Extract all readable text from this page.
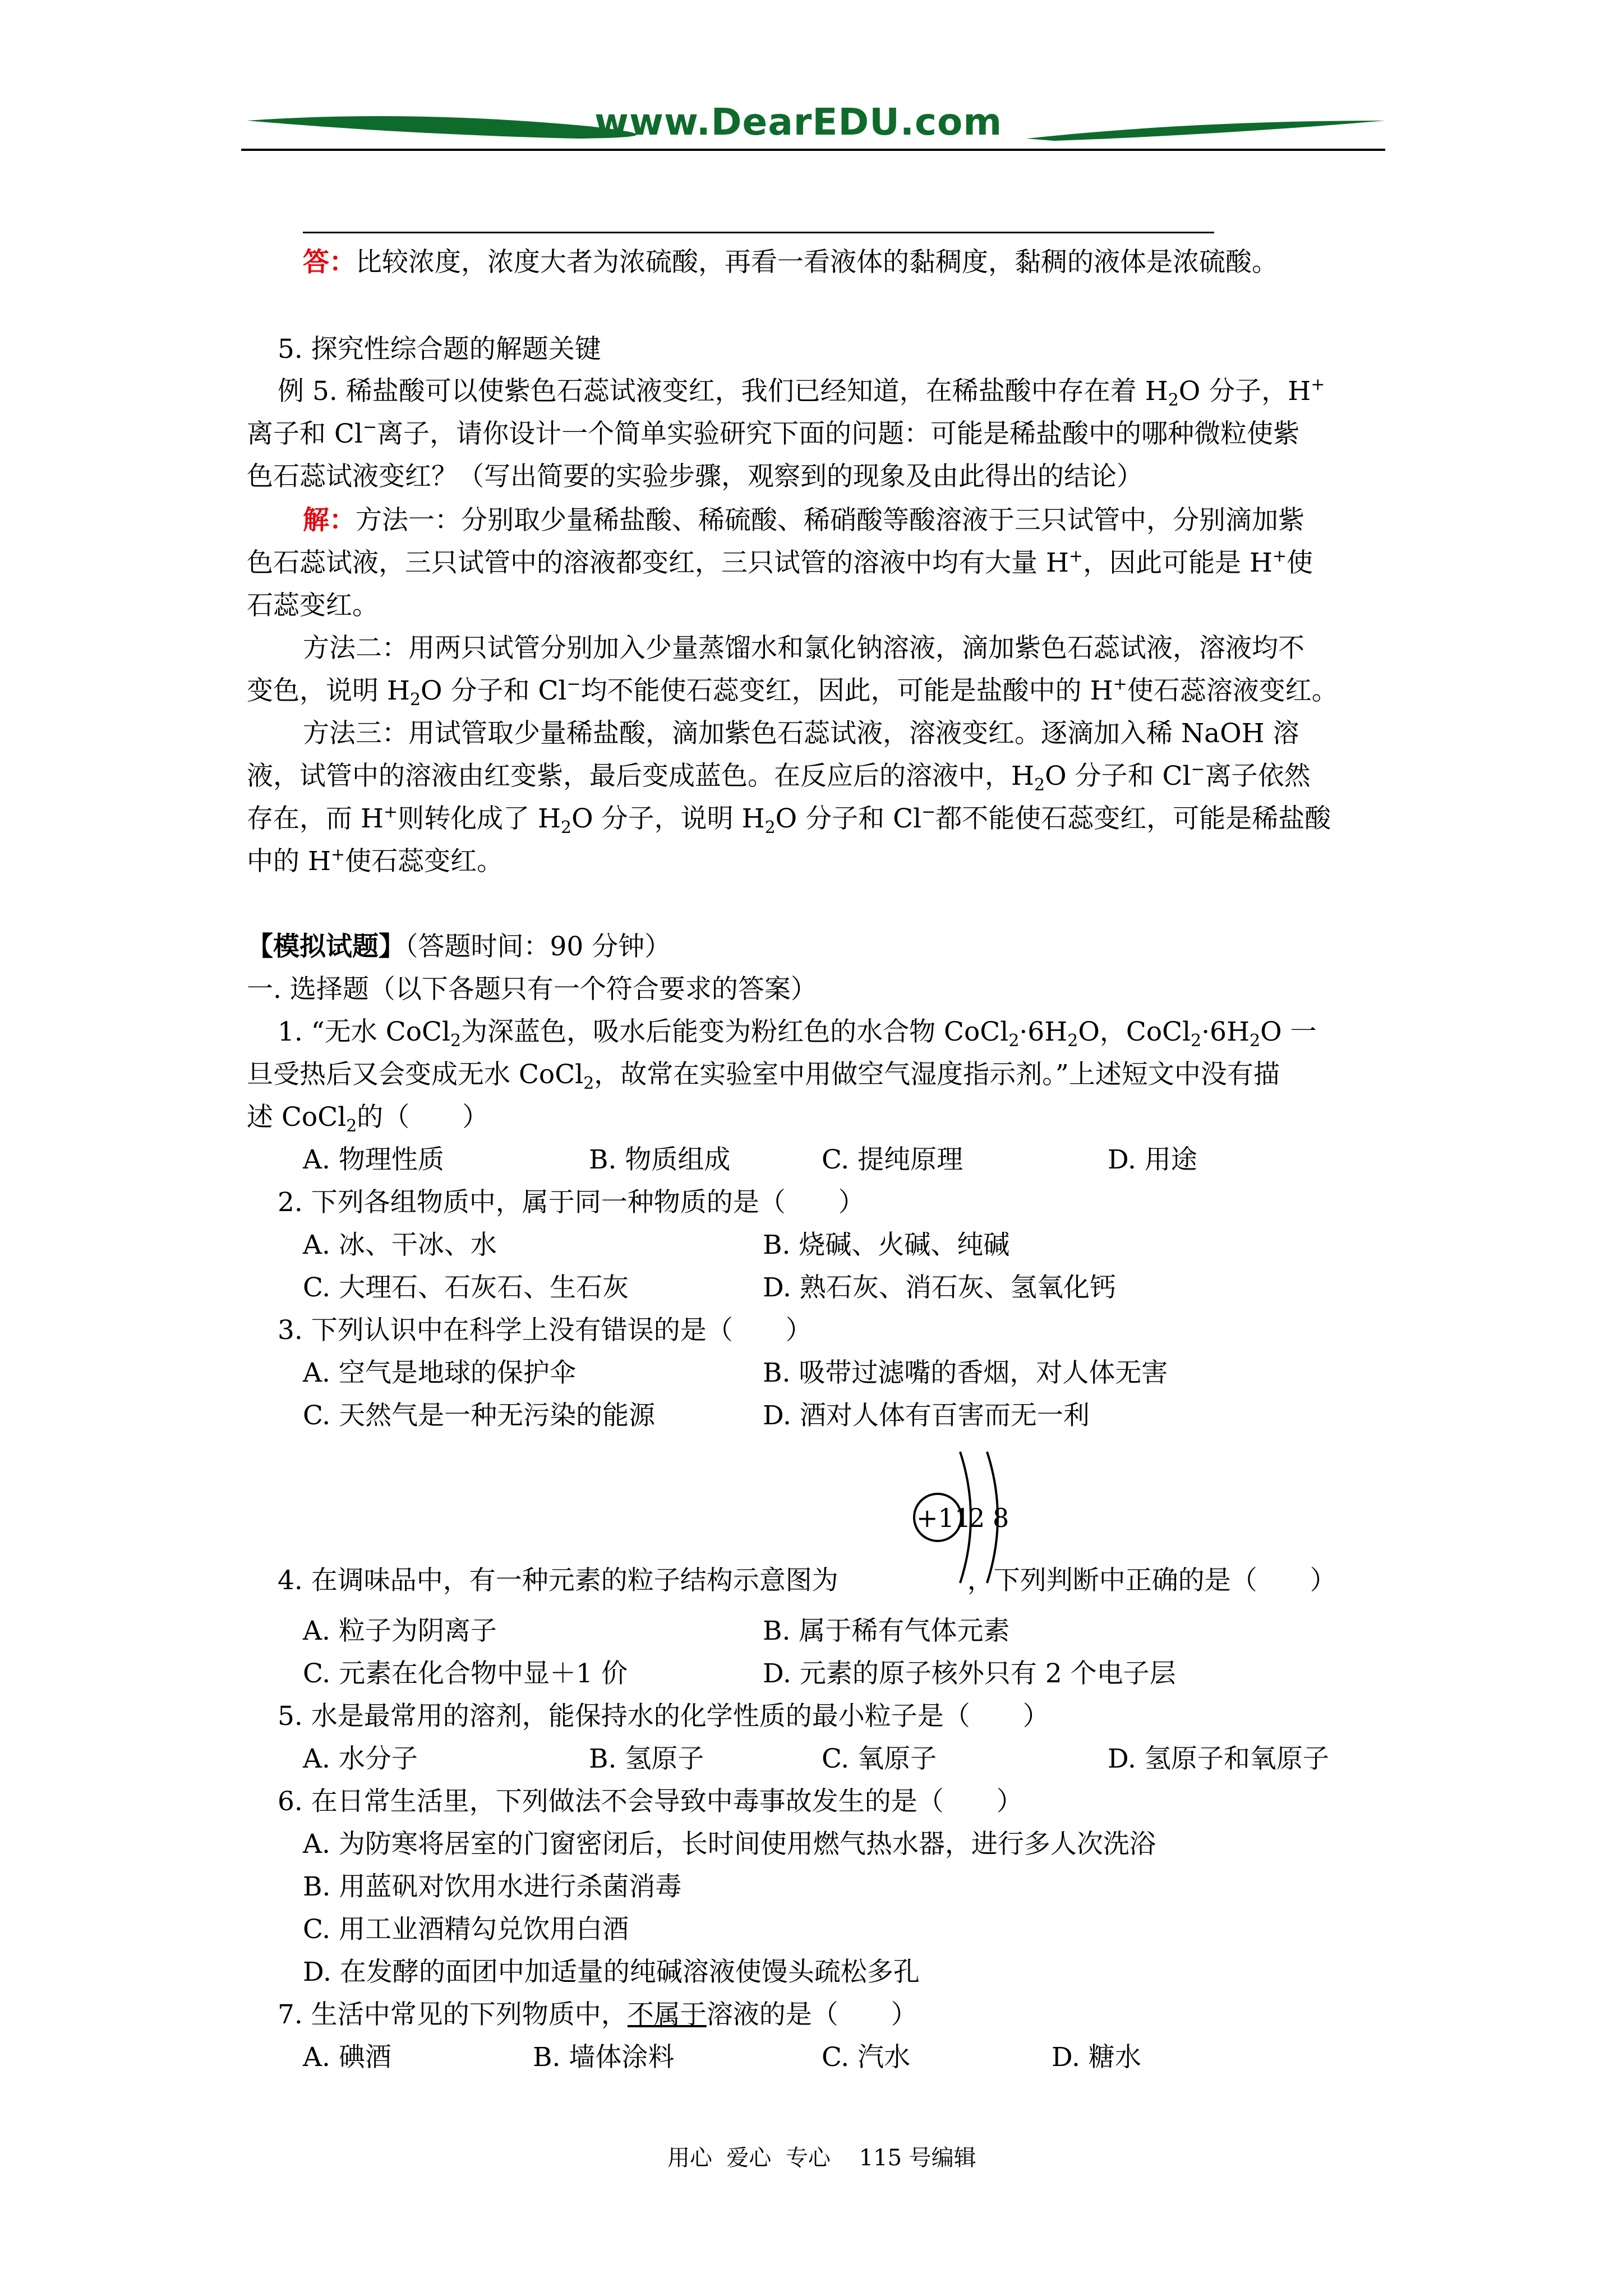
www.DearEDU.com
答：比较浓度，浓度大者为浓硫酸，再看一看液体的黏稠度，黏稠的液体是浓硫酸。
5. 探究性综合题的解题关键
例 5. 稀盐酸可以使紫色石蕊试液变红，我们已经知道，在稀盐酸中存在着 $H_2O$ 分子，H+
离子和 Cl−离子，请你设计一个简单实验研究下面的问题：可能是稀盐酸中的哪种微粒使紫
色石蕊试液变红？（写出简要的实验步骤，观察到的现象及由此得出的结论）
解：方法一：分别取少量稀盐酸、稀硫酸、稀硝酸等酸溶液于三只试管中，分别滴加紫
色石蕊试液，三只试管中的溶液都变红，三只试管的溶液中均有大量 H+，因此可能是 H+使
石蕊变红。
方法二：用两只试管分别加入少量蒸馏水和氯化钠溶液，滴加紫色石蕊试液，溶液均不
变色，说明 $H_2O$ 分子和 Cl−均不能使石蕊变红，因此，可能是盐酸中的 H+使石蕊溶液变红。
方法三：用试管取少量稀盐酸，滴加紫色石蕊试液，溶液变红。逐滴加入稀 NaOH 溶
液，试管中的溶液由红变紫，最后变成蓝色。在反应后的溶液中，$H_2O$ 分子和 Cl−离子依然
存在，而 H+则转化成了 $H_2O$ 分子，说明 $H_2O$ 分子和 Cl−都不能使石蕊变红，可能是稀盐酸
中的 H+使石蕊变红。
【模拟试题】（答题时间：90 分钟）
一. 选择题（以下各题只有一个符合要求的答案）
1. “无水 CoCl$_2$为深蓝色，吸水后能变为粉红色的水合物 $CoCl_2\cdot 6H_2O$，$CoCl_2\cdot 6H_2O$ 一
旦受热后又会变成无水 CoCl$_2$，故常在实验室中用做空气湿度指示剂。”上述短文中没有描
述 CoCl$_2$的（　　）
A. 物理性质	B. 物质组成	C. 提纯原理	D. 用途
2. 下列各组物质中，属于同一种物质的是（　　）
A. 冰、干冰、水	B. 烧碱、火碱、纯碱
C. 大理石、石灰石、生石灰	D. 熟石灰、消石灰、氢氧化钙
3. 下列认识中在科学上没有错误的是（　　）
A. 空气是地球的保护伞	B. 吸带过滤嘴的香烟，对人体无害
C. 天然气是一种无污染的能源	D. 酒对人体有百害而无一利
+11
2 8
4. 在调味品中，有一种元素的粒子结构示意图为	，下列判断中正确的是（　　）
A. 粒子为阴离子	B. 属于稀有气体元素
C. 元素在化合物中显＋1 价	D. 元素的原子核外只有 2 个电子层
5. 水是最常用的溶剂，能保持水的化学性质的最小粒子是（　　）
A. 水分子	B. 氢原子	C. 氧原子	D. 氢原子和氧原子
6. 在日常生活里，下列做法不会导致中毒事故发生的是（　　）
A. 为防寒将居室的门窗密闭后，长时间使用燃气热水器，进行多人次洗浴
B. 用蓝矾对饮用水进行杀菌消毒
C. 用工业酒精勾兑饮用白酒
D. 在发酵的面团中加适量的纯碱溶液使馒头疏松多孔
7. 生活中常见的下列物质中，不属于溶液的是（　　）
A. 碘酒	B. 墙体涂料	C. 汽水	D. 糖水
用心  爱心  专心    115 号编辑
